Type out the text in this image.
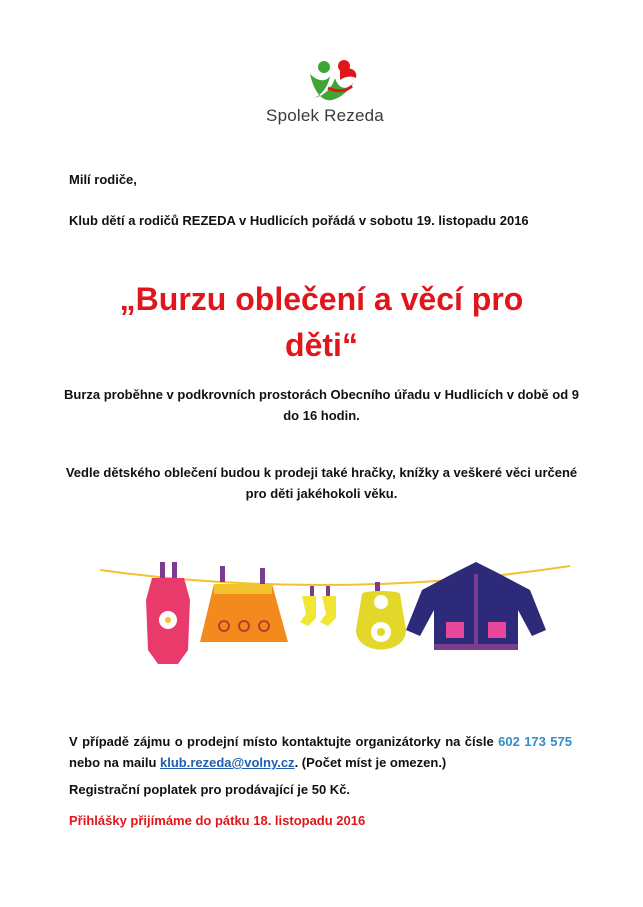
Spolek Rezeda
Milí rodiče,
Klub dětí a rodičů REZEDA v Hudlicích pořádá v sobotu 19. listopadu 2016
„Burzu oblečení a věcí pro
děti“
Burza proběhne v podkrovních prostorách Obecního úřadu v Hudlicích v době od 9 do 16 hodin.
Vedle dětského oblečení budou k prodeji také hračky, knížky a veškeré věci určené pro děti jakéhokoli věku.
V případě zájmu o prodejní místo kontaktujte organizátorky na čísle 602 173 575 nebo na mailu klub.rezeda@volny.cz. (Počet míst je omezen.)
Registrační poplatek pro prodávající je 50 Kč.
Přihlášky přijímáme do pátku 18. listopadu 2016
